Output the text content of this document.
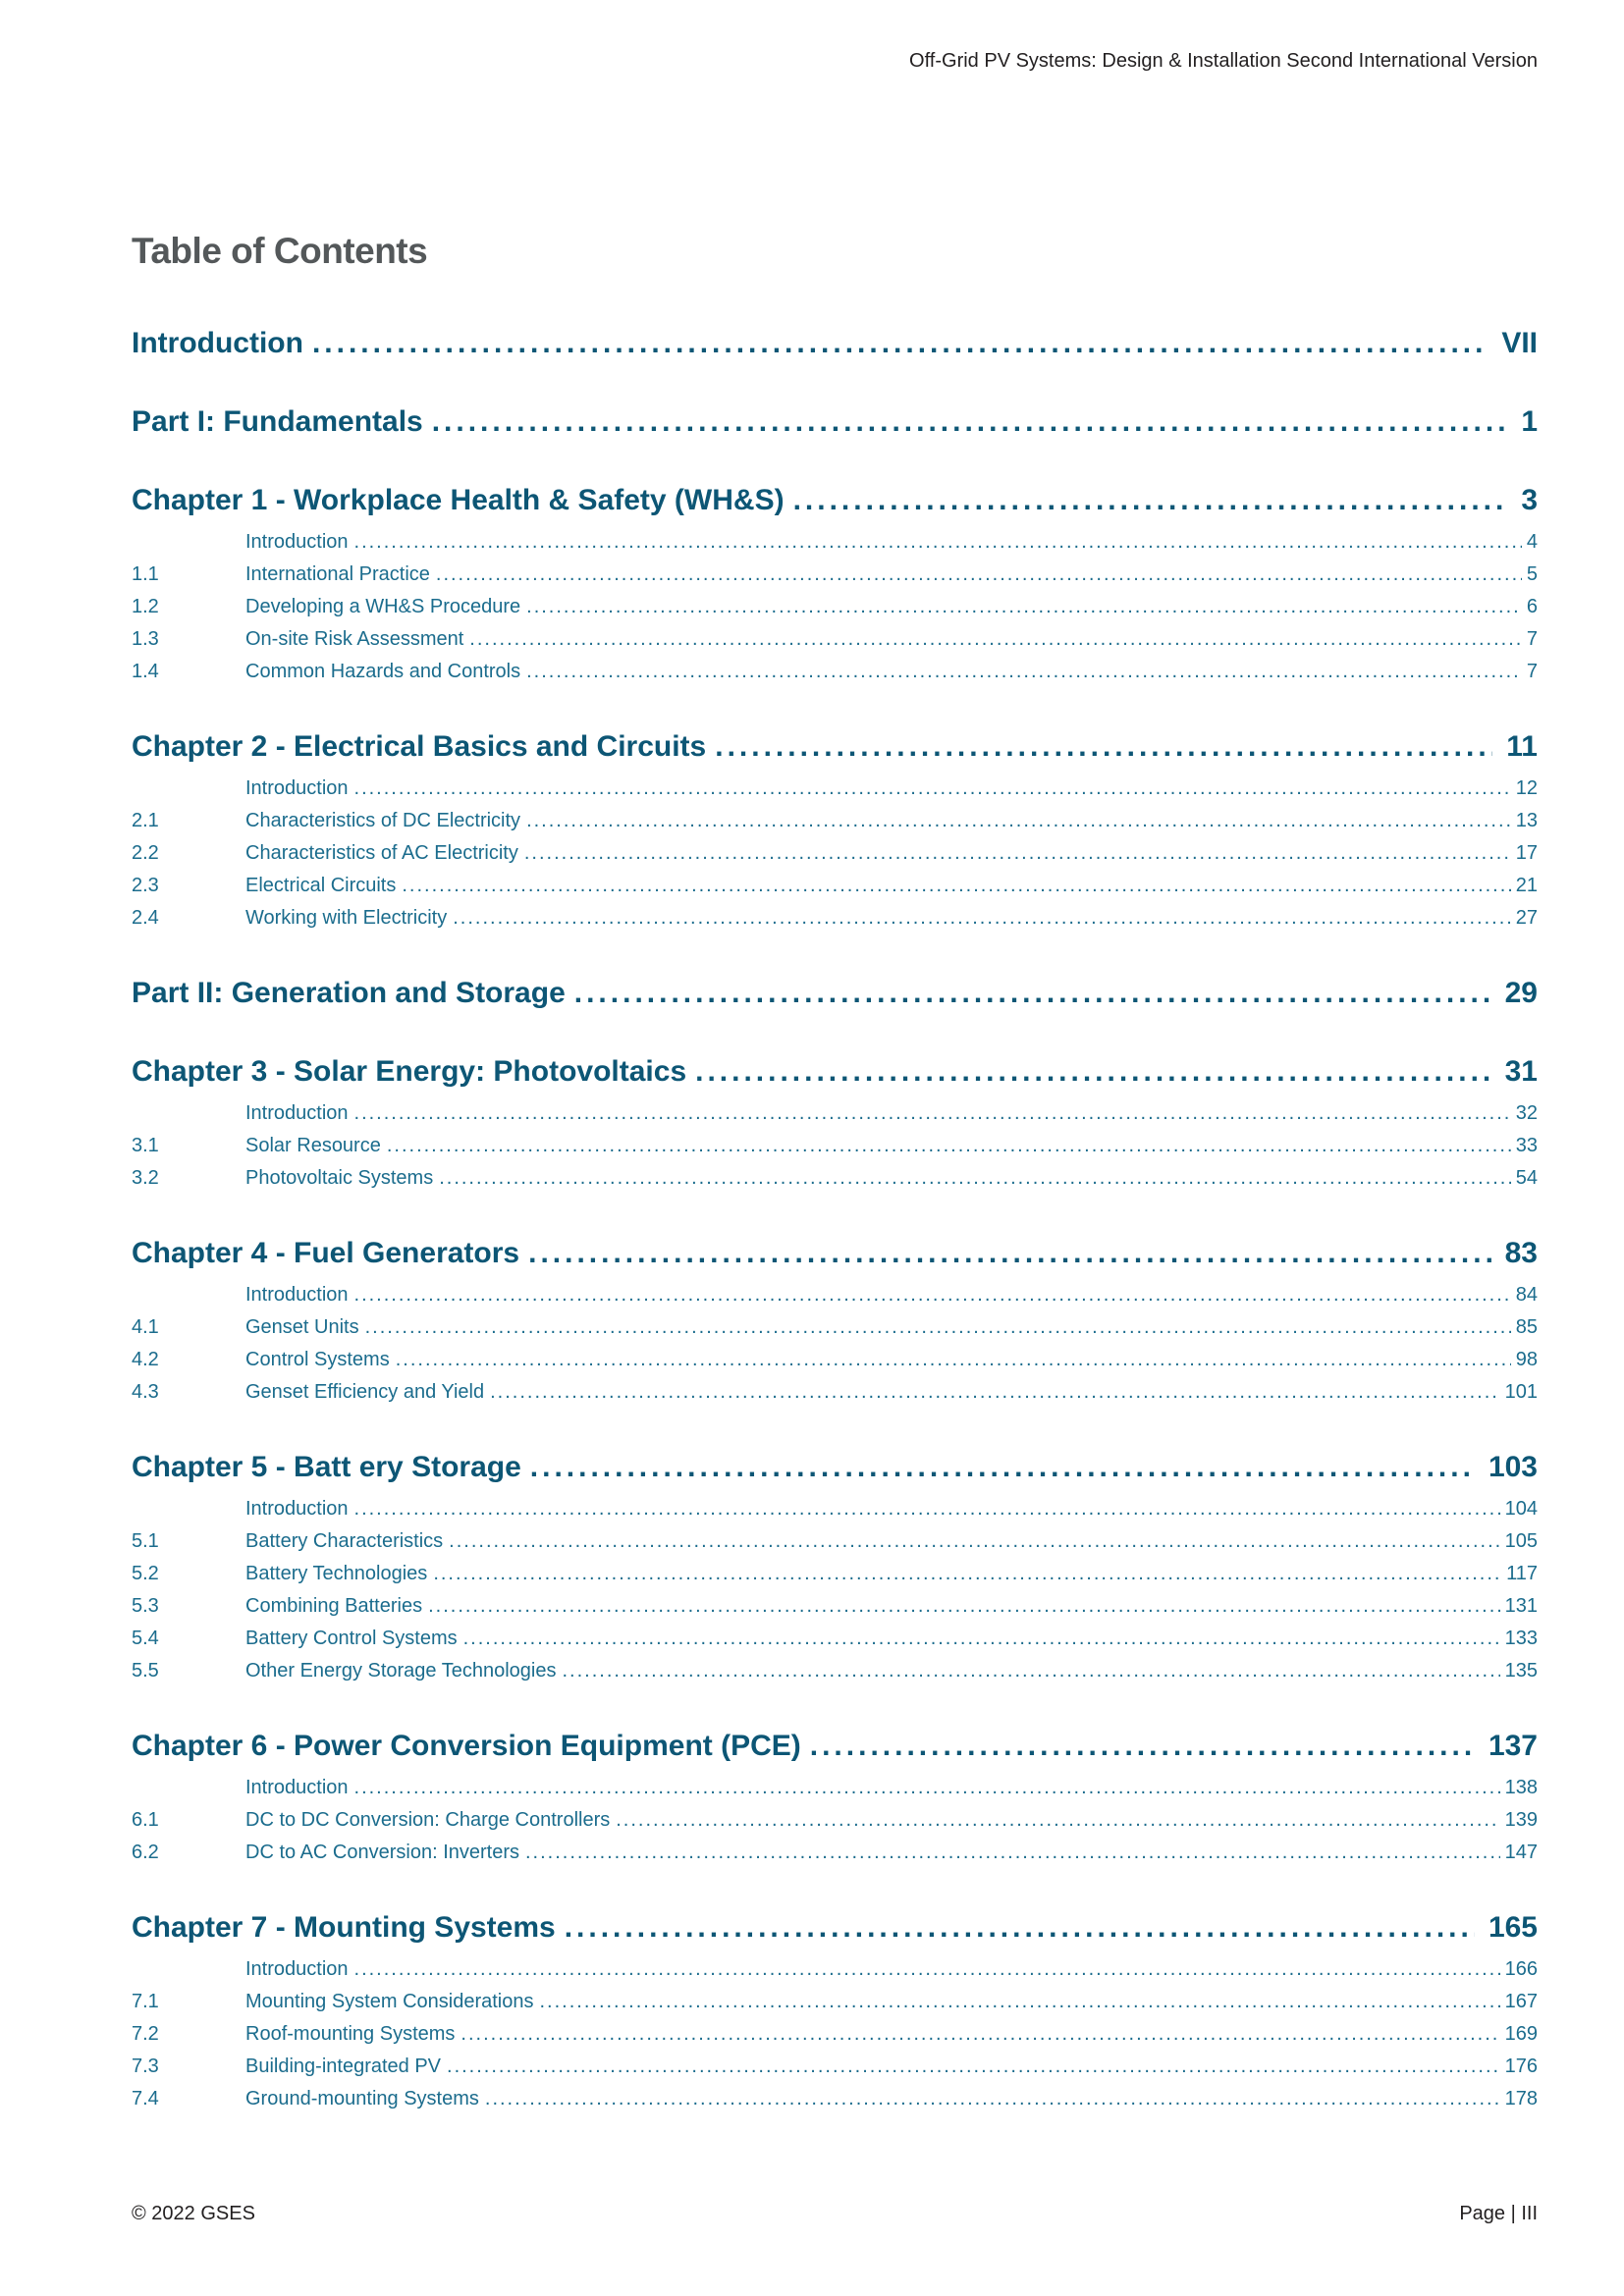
Off-Grid PV Systems: Design & Installation Second International Version
Table of Contents
Introduction .....	VII
Part I: Fundamentals .....	1
Chapter 1 - Workplace Health & Safety (WH&S) .....	3
Introduction .....	4
1.1	International Practice .....	5
1.2	Developing a WH&S Procedure .....	6
1.3	On-site Risk Assessment .....	7
1.4	Common Hazards and Controls .....	7
Chapter 2 - Electrical Basics and Circuits .....	11
Introduction .....	12
2.1	Characteristics of DC Electricity .....	13
2.2	Characteristics of AC Electricity .....	17
2.3	Electrical Circuits .....	21
2.4	Working with Electricity .....	27
Part II: Generation and Storage .....	29
Chapter 3 - Solar Energy: Photovoltaics .....	31
Introduction .....	32
3.1	Solar Resource .....	33
3.2	Photovoltaic Systems .....	54
Chapter 4 - Fuel Generators .....	83
Introduction .....	84
4.1	Genset Units .....	85
4.2	Control Systems .....	98
4.3	Genset Efficiency and Yield .....	101
Chapter 5 - Batt ery Storage .....	103
Introduction .....	104
5.1	Battery Characteristics .....	105
5.2	Battery Technologies .....	117
5.3	Combining Batteries .....	131
5.4	Battery Control Systems .....	133
5.5	Other Energy Storage Technologies .....	135
Chapter 6 - Power Conversion Equipment (PCE) .....	137
Introduction .....	138
6.1	DC to DC Conversion: Charge Controllers .....	139
6.2	DC to AC Conversion: Inverters .....	147
Chapter 7 - Mounting Systems .....	165
Introduction .....	166
7.1	Mounting System Considerations .....	167
7.2	Roof-mounting Systems .....	169
7.3	Building-integrated PV .....	176
7.4	Ground-mounting Systems .....	178
© 2022 GSES	Page | III
